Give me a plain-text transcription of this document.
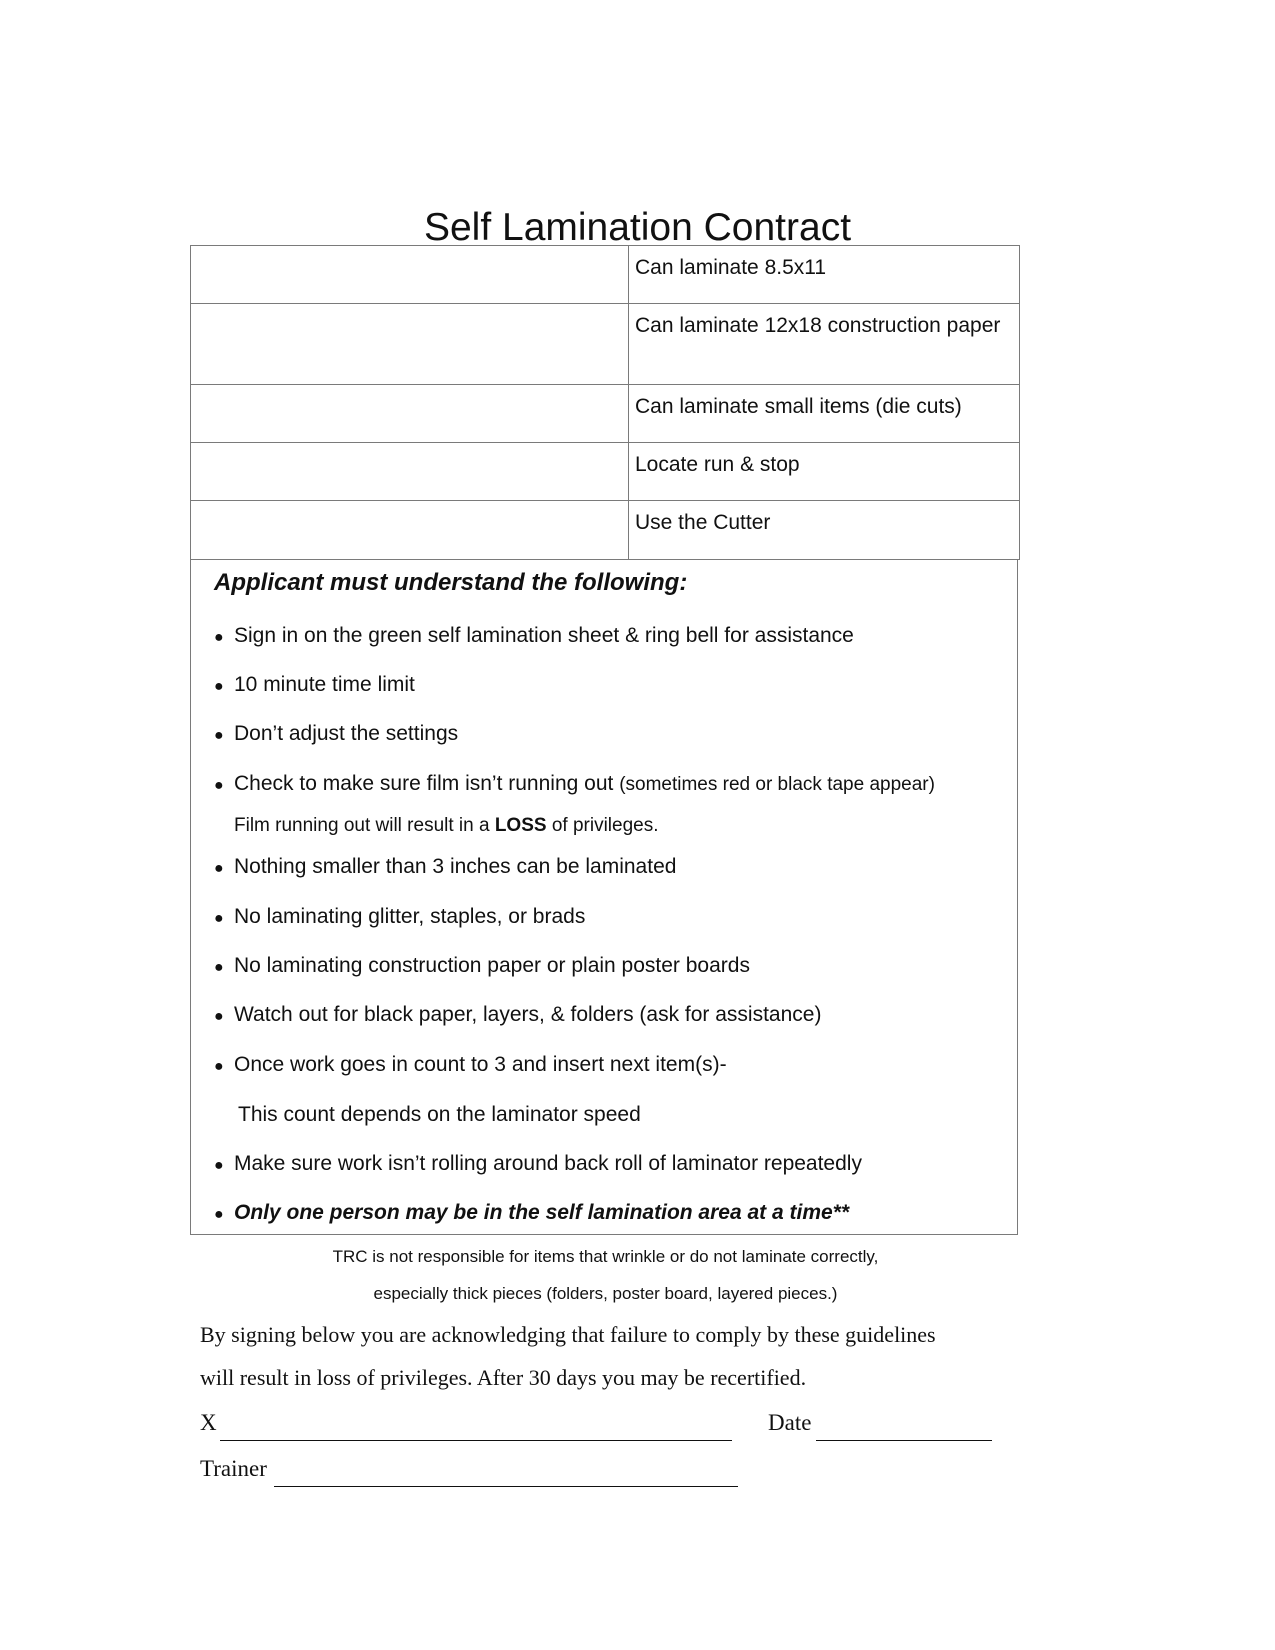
Self Lamination Contract
	Can laminate 8.5x11
	Can laminate 12x18 construction paper
	Can laminate small items (die cuts)
	Locate run & stop
	Use the Cutter
Applicant must understand the following:
● Sign in on the green self lamination sheet & ring bell for assistance
● 10 minute time limit
● Don’t adjust the settings
● Check to make sure film isn’t running out (sometimes red or black tape appear)
Film running out will result in a LOSS of privileges.
● Nothing smaller than 3 inches can be laminated
● No laminating glitter, staples, or brads
● No laminating construction paper or plain poster boards
● Watch out for black paper, layers, & folders (ask for assistance)
● Once work goes in count to 3 and insert next item(s)-
This count depends on the laminator speed
● Make sure work isn’t rolling around back roll of laminator repeatedly
● Only one person may be in the self lamination area at a time**
TRC is not responsible for items that wrinkle or do not laminate correctly,
especially thick pieces (folders, poster board, layered pieces.)
By signing below you are acknowledging that failure to comply by these guidelines
will result in loss of privileges. After 30 days you may be recertified.
X	Date
Trainer
